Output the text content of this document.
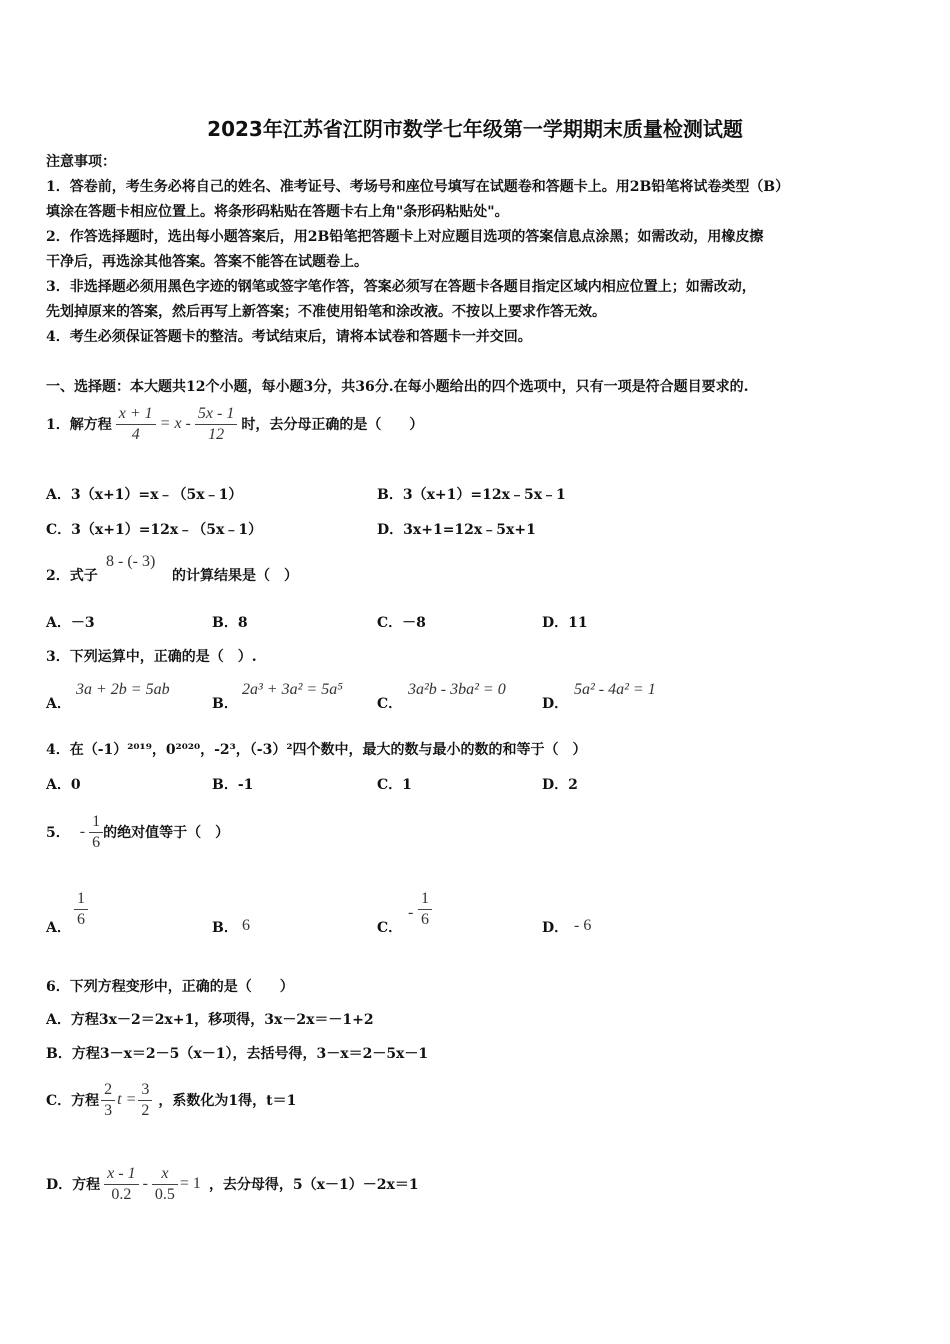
2023年江苏省江阴市数学七年级第一学期期末质量检测试题
注意事项：
1．答卷前，考生务必将自己的姓名、准考证号、考场号和座位号填写在试题卷和答题卡上。用2B铅笔将试卷类型（B）
填涂在答题卡相应位置上。将条形码粘贴在答题卡右上角"条形码粘贴处"。
2．作答选择题时，选出每小题答案后，用2B铅笔把答题卡上对应题目选项的答案信息点涂黑；如需改动，用橡皮擦
干净后，再选涂其他答案。答案不能答在试题卷上。
3．非选择题必须用黑色字迹的钢笔或签字笔作答，答案必须写在答题卡各题目指定区域内相应位置上；如需改动，
先划掉原来的答案，然后再写上新答案；不准使用铅笔和涂改液。不按以上要求作答无效。
4．考生必须保证答题卡的整洁。考试结束后，请将本试卷和答题卡一并交回。
一、选择题：本大题共12个小题，每小题3分，共36分.在每小题给出的四个选项中，只有一项是符合题目要求的.
1．解方程 $\frac{x + 1}{4} = x - \frac{5x - 1}{12}$ 时，去分母正确的是（　　）
A．3（x+1）=x﹣（5x﹣1）	B．3（x+1）=12x﹣5x﹣1
C．3（x+1）=12x﹣（5x﹣1）	D．3x+1=12x﹣5x+1
2．式子
8 - (- 3)
的计算结果是（　）
A．－3	B．8	C．－8	D．11
3．下列运算中，正确的是（　）.
A．
3a + 2b = 5ab
B．
2a³ + 3a² = 5a⁵
C．
3a²b - 3ba² = 0
D．
5a² - 4a² = 1
4．在（-1）²⁰¹⁹，0²⁰²⁰，-2³，（-3）²四个数中，最大的数与最小的数的和等于（　）
A．0	B．-1	C．1	D．2
5． - $\frac{1}{6}$ 的绝对值等于（　）
A． $\frac{1}{6}$	B． 6	C．
- $\frac{1}{6}$	D． - 6
6．下列方程变形中，正确的是（　　）
A．方程3x－2＝2x+1，移项得，3x－2x＝－1+2
B．方程3－x＝2－5（x－1），去括号得，3－x＝2－5x－1
C．方程 $\frac{2}{3}$ $t = \frac{3}{2}$ ，系数化为1得，t＝1
D．方程 $\frac{x - 1}{0.2} - \frac{x}{0.5} = 1$ ，去分母得，5（x－1）－2x＝1
